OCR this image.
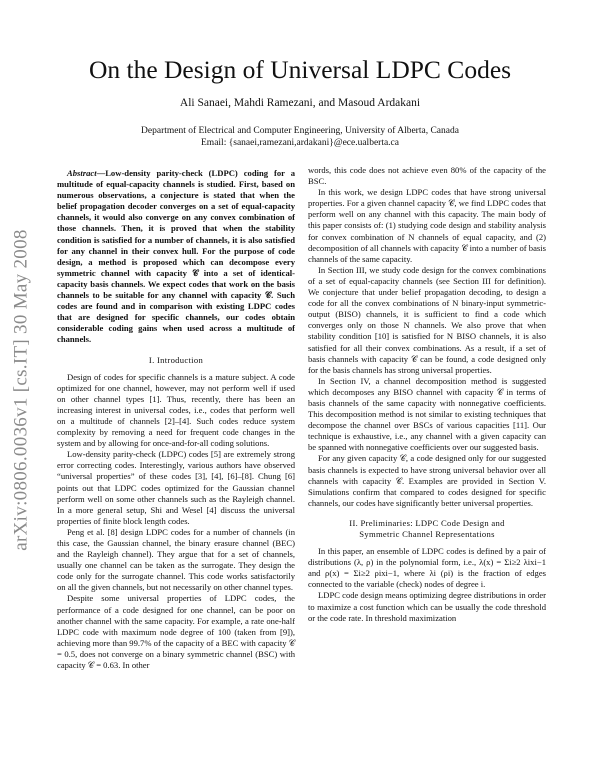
arXiv:0806.0036v1 [cs.IT] 30 May 2008
On the Design of Universal LDPC Codes
Ali Sanaei, Mahdi Ramezani, and Masoud Ardakani
Department of Electrical and Computer Engineering, University of Alberta, Canada
Email: {sanaei,ramezani,ardakani}@ece.ualberta.ca

Abstract—Low-density parity-check (LDPC) coding for a multitude of equal-capacity channels is studied. First, based on numerous observations, a conjecture is stated that when the belief propagation decoder converges on a set of equal-capacity channels, it would also converge on any convex combination of those channels. Then, it is proved that when the stability condition is satisfied for a number of channels, it is also satisfied for any channel in their convex hull. For the purpose of code design, a method is proposed which can decompose every symmetric channel with capacity 𝒞 into a set of identical-capacity basis channels. We expect codes that work on the basis channels to be suitable for any channel with capacity 𝒞. Such codes are found and in comparison with existing LDPC codes that are designed for specific channels, our codes obtain considerable coding gains when used across a multitude of channels.

I. Introduction

Design of codes for specific channels is a mature subject. A code optimized for one channel, however, may not perform well if used on other channel types [1]. Thus, recently, there has been an increasing interest in universal codes, i.e., codes that perform well on a multitude of channels [2]–[4]. Such codes reduce system complexity by removing a need for frequent code changes in the system and by allowing for once-and-for-all coding solutions.

Low-density parity-check (LDPC) codes [5] are extremely strong error correcting codes. Interestingly, various authors have observed “universal properties” of these codes [3], [4], [6]–[8]. Chung [6] points out that LDPC codes optimized for the Gaussian channel perform well on some other channels such as the Rayleigh channel. In a more general setup, Shi and Wesel [4] discuss the universal properties of finite block length codes.

Peng et al. [8] design LDPC codes for a number of channels (in this case, the Gaussian channel, the binary erasure channel (BEC) and the Rayleigh channel). They argue that for a set of channels, usually one channel can be taken as the surrogate. They design the code only for the surrogate channel. This code works satisfactorily on all the given channels, but not necessarily on other channel types.

Despite some universal properties of LDPC codes, the performance of a code designed for one channel, can be poor on another channel with the same capacity. For example, a rate one-half LDPC code with maximum node degree of 100 (taken from [9]), achieving more than 99.7% of the capacity of a BEC with capacity 𝒞 = 0.5, does not converge on a binary symmetric channel (BSC) with capacity 𝒞 = 0.63. In other

words, this code does not achieve even 80% of the capacity of the BSC.

In this work, we design LDPC codes that have strong universal properties. For a given channel capacity 𝒞, we find LDPC codes that perform well on any channel with this capacity. The main body of this paper consists of: (1) studying code design and stability analysis for convex combination of N channels of equal capacity, and (2) decomposition of all channels with capacity 𝒞 into a number of basis channels of the same capacity.

In Section III, we study code design for the convex combinations of a set of equal-capacity channels (see Section III for definition). We conjecture that under belief propagation decoding, to design a code for all the convex combinations of N binary-input symmetric-output (BISO) channels, it is sufficient to find a code which converges only on those N channels. We also prove that when stability condition [10] is satisfied for N BISO channels, it is also satisfied for all their convex combinations. As a result, if a set of basis channels with capacity 𝒞 can be found, a code designed only for the basis channels has strong universal properties.

In Section IV, a channel decomposition method is suggested which decomposes any BISO channel with capacity 𝒞 in terms of basis channels of the same capacity with nonnegative coefficients. This decomposition method is not similar to existing techniques that decompose the channel over BSCs of various capacities [11]. Our technique is exhaustive, i.e., any channel with a given capacity can be spanned with nonnegative coefficients over our suggested basis.

For any given capacity 𝒞, a code designed only for our suggested basis channels is expected to have strong universal behavior over all channels with capacity 𝒞. Examples are provided in Section V. Simulations confirm that compared to codes designed for specific channels, our codes have significantly better universal properties.

II. Preliminaries: LDPC Code Design and
Symmetric Channel Representations

In this paper, an ensemble of LDPC codes is defined by a pair of distributions (λ, ρ) in the polynomial form, i.e., λ(x) = Σi≥2 λixi−1 and ρ(x) = Σi≥2 ρixi−1, where λi (ρi) is the fraction of edges connected to the variable (check) nodes of degree i.

LDPC code design means optimizing degree distributions in order to maximize a cost function which can be usually the code threshold or the code rate. In threshold maximization
